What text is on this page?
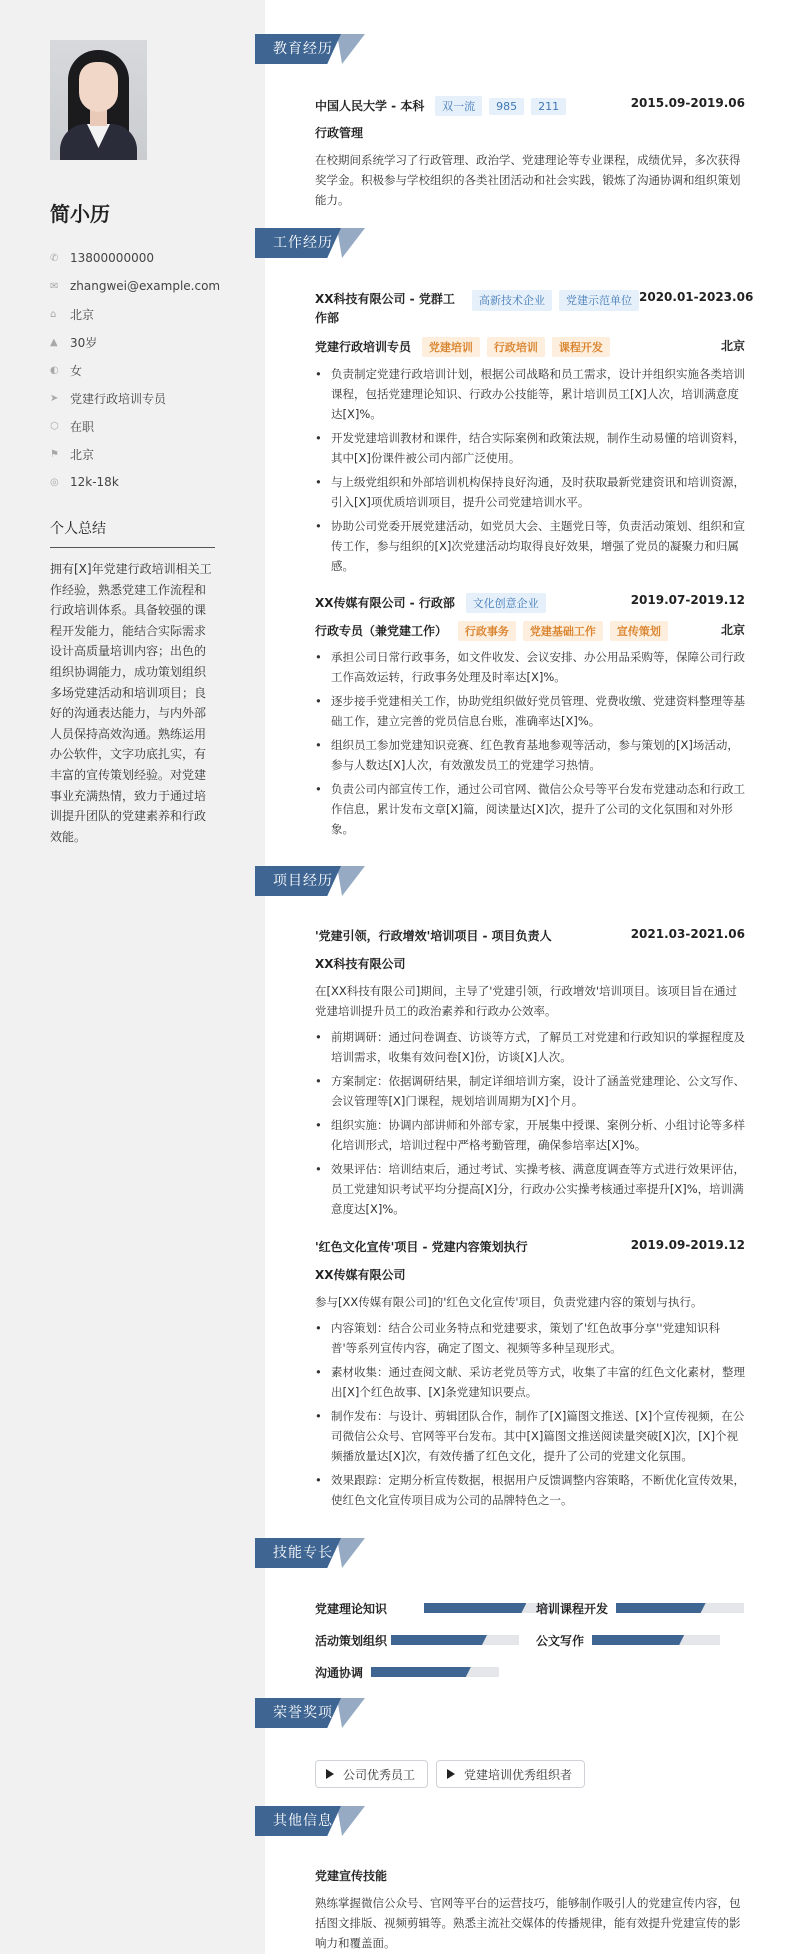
简小历
✆ 13800000000
✉ zhangwei@example.com
⌂	北京
▲	30岁
◐ 女
➤ 党建行政培训专员
⬡ 在职
⚑ 北京
◎ 12k-18k
个人总结
拥有[X]年党建行政培训相关工作经验，熟悉党建工作流程和行政培训体系。具备较强的课程开发能力，能结合实际需求设计高质量培训内容；出色的组织协调能力，成功策划组织多场党建活动和培训项目；良好的沟通表达能力，与内外部人员保持高效沟通。熟练运用办公软件，文字功底扎实，有丰富的宣传策划经验。对党建事业充满热情，致力于通过培训提升团队的党建素养和行政效能。
教育经历
中国人民大学 - 本科 双一流 985 211	2015.09-2019.06
行政管理
在校期间系统学习了行政管理、政治学、党建理论等专业课程，成绩优异，多次获得奖学金。积极参与学校组织的各类社团活动和社会实践，锻炼了沟通协调和组织策划能力。
工作经历
XX科技有限公司 - 党群工作部
高新技术企业	党建示范单位 2020.01-2023.06
党建行政培训专员 党建培训 行政培训 课程开发	北京
• 负责制定党建行政培训计划，根据公司战略和员工需求，设计并组织实施各类培训课程，包括党建理论知识、行政办公技能等，累计培训员工[X]人次，培训满意度达[X]%。
• 开发党建培训教材和课件，结合实际案例和政策法规，制作生动易懂的培训资料，其中[X]份课件被公司内部广泛使用。
• 与上级党组织和外部培训机构保持良好沟通，及时获取最新党建资讯和培训资源，引入[X]项优质培训项目，提升公司党建培训水平。
• 协助公司党委开展党建活动，如党员大会、主题党日等，负责活动策划、组织和宣传工作，参与组织的[X]次党建活动均取得良好效果，增强了党员的凝聚力和归属感。
XX传媒有限公司 - 行政部 文化创意企业	2019.07-2019.12
行政专员（兼党建工作） 行政事务 党建基础工作 宣传策划	北京
• 承担公司日常行政事务，如文件收发、会议安排、办公用品采购等，保障公司行政工作高效运转，行政事务处理及时率达[X]%。
• 逐步接手党建相关工作，协助党组织做好党员管理、党费收缴、党建资料整理等基础工作，建立完善的党员信息台账，准确率达[X]%。
• 组织员工参加党建知识竞赛、红色教育基地参观等活动，参与策划的[X]场活动，参与人数达[X]人次，有效激发员工的党建学习热情。
• 负责公司内部宣传工作，通过公司官网、微信公众号等平台发布党建动态和行政工作信息，累计发布文章[X]篇，阅读量达[X]次，提升了公司的文化氛围和对外形象。
项目经历
'党建引领，行政增效'培训项目 - 项目负责人	2021.03-2021.06
XX科技有限公司
在[XX科技有限公司]期间，主导了'党建引领，行政增效'培训项目。该项目旨在通过党建培训提升员工的政治素养和行政办公效率。
• 前期调研：通过问卷调查、访谈等方式，了解员工对党建和行政知识的掌握程度及培训需求，收集有效问卷[X]份，访谈[X]人次。
• 方案制定：依据调研结果，制定详细培训方案，设计了涵盖党建理论、公文写作、会议管理等[X]门课程，规划培训周期为[X]个月。
• 组织实施：协调内部讲师和外部专家，开展集中授课、案例分析、小组讨论等多样化培训形式，培训过程中严格考勤管理，确保参培率达[X]%。
• 效果评估：培训结束后，通过考试、实操考核、满意度调查等方式进行效果评估，员工党建知识考试平均分提高[X]分，行政办公实操考核通过率提升[X]%，培训满意度达[X]%。
'红色文化宣传'项目 - 党建内容策划执行	2019.09-2019.12
XX传媒有限公司
参与[XX传媒有限公司]的'红色文化宣传'项目，负责党建内容的策划与执行。
• 内容策划：结合公司业务特点和党建要求，策划了'红色故事分享''党建知识科普'等系列宣传内容，确定了图文、视频等多种呈现形式。
• 素材收集：通过查阅文献、采访老党员等方式，收集了丰富的红色文化素材，整理出[X]个红色故事、[X]条党建知识要点。
• 制作发布：与设计、剪辑团队合作，制作了[X]篇图文推送、[X]个宣传视频，在公司微信公众号、官网等平台发布。其中[X]篇图文推送阅读量突破[X]次，[X]个视频播放量达[X]次，有效传播了红色文化，提升了公司的党建文化氛围。
• 效果跟踪：定期分析宣传数据，根据用户反馈调整内容策略，不断优化宣传效果，使红色文化宣传项目成为公司的品牌特色之一。
技能专长
党建理论知识	培训课程开发
活动策划组织	公文写作
沟通协调
荣誉奖项
公司优秀员工	党建培训优秀组织者
其他信息
党建宣传技能
熟练掌握微信公众号、官网等平台的运营技巧，能够制作吸引人的党建宣传内容，包括图文排版、视频剪辑等。熟悉主流社交媒体的传播规律，能有效提升党建宣传的影响力和覆盖面。
